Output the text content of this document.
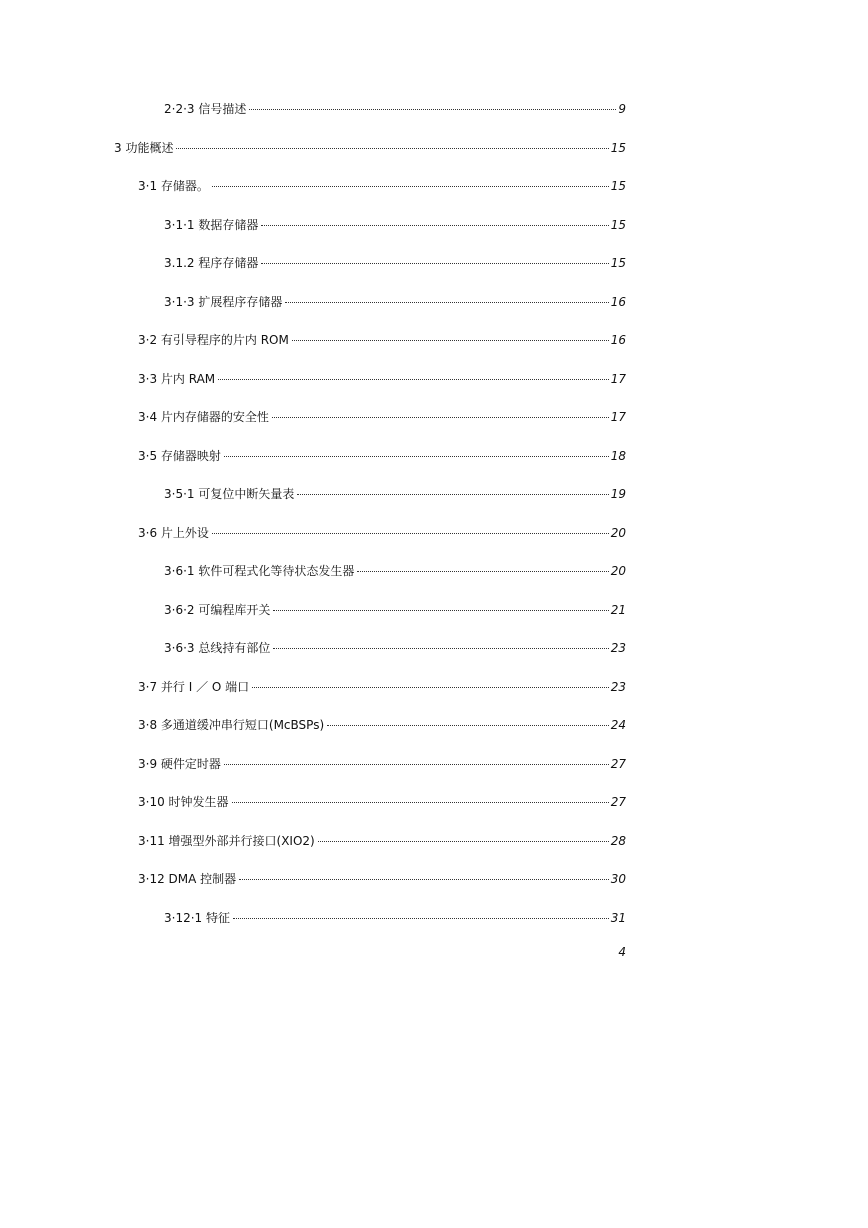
2·2·3 信号描述	9
3 功能概述	15
3·1 存储器。	15
3·1·1 数据存储器	15
3.1.2 程序存储器	15
3·1·3 扩展程序存储器	16
3·2 有引导程序的片内 ROM	16
3·3 片内 RAM	17
3·4 片内存储器的安全性	17
3·5 存储器映射	18
3·5·1 可复位中断矢量表	19
3·6 片上外设	20
3·6·1 软件可程式化等待状态发生器	20
3·6·2 可编程库开关	21
3·6·3 总线持有部位	23
3·7 并行 I ／ O 端口	23
3·8 多通道缓冲串行短口(McBSPs)	24
3·9 硬件定时器	27
3·10 时钟发生器	27
3·11 增强型外部并行接口(XIO2)	28
3·12 DMA 控制器	30
3·12·1 特征	31
4
